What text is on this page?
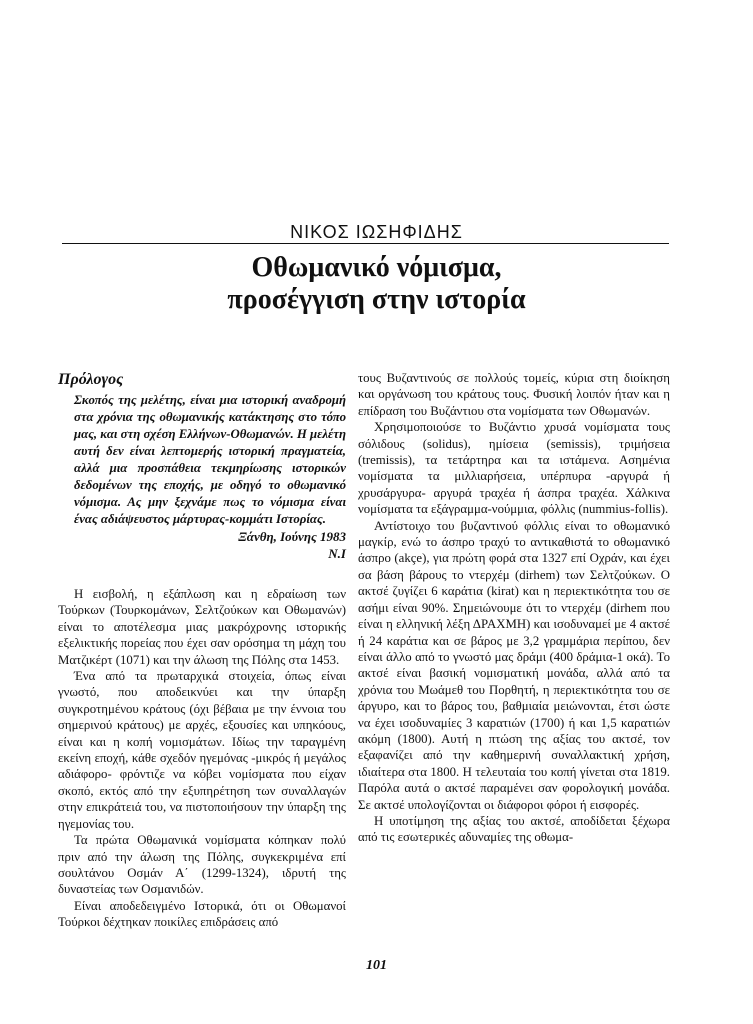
ΝΙΚΟΣ ΙΩΣΗΦΙΔΗΣ
Οθωμανικό νόμισμα,
προσέγγιση στην ιστορία
Πρόλογος

Σκοπός της μελέτης, είναι μια ιστορική αναδρομή στα χρόνια της οθωμανικής κατάκτησης στο τόπο μας, και στη σχέση Ελλήνων-Οθωμανών. Η μελέτη αυτή δεν είναι λεπτομερής ιστορική πραγματεία, αλλά μια προσπάθεια τεκμηρίωσης ιστορικών δεδομένων της εποχής, με οδηγό το οθωμανικό νόμισμα. Ας μην ξεχνάμε πως το νόμισμα είναι ένας αδιάψευστος μάρτυρας-κομμάτι Ιστορίας.

Ξάνθη, Ιούνης 1983

Ν.Ι

Η εισβολή, η εξάπλωση και η εδραίωση των Τούρκων (Τουρκομάνων, Σελτζούκων και Οθωμανών) είναι το αποτέλεσμα μιας μακρόχρονης ιστορικής εξελικτικής πορείας που έχει σαν ορόσημα τη μάχη του Ματζικέρτ (1071) και την άλωση της Πόλης στα 1453.

Ένα από τα πρωταρχικά στοιχεία, όπως είναι γνωστό, που αποδεικνύει και την ύπαρξη συγκροτημένου κράτους (όχι βέβαια με την έννοια του σημερινού κράτους) με αρχές, εξουσίες και υπηκόους, είναι και η κοπή νομισμάτων. Ιδίως την ταραγμένη εκείνη εποχή, κάθε σχεδόν ηγεμόνας -μικρός ή μεγάλος αδιάφορο- φρόντιζε να κόβει νομίσματα που είχαν σκοπό, εκτός από την εξυπηρέτηση των συναλλαγών στην επικράτειά του, να πιστοποιήσουν την ύπαρξη της ηγεμονίας του.

Τα πρώτα Οθωμανικά νομίσματα κόπηκαν πολύ πριν από την άλωση της Πόλης, συγκεκριμένα επί σουλτάνου Οσμάν Α΄ (1299-1324), ιδρυτή της δυναστείας των Οσμανιδών.

Είναι αποδεδειγμένο Ιστορικά, ότι οι Οθωμανοί Τούρκοι δέχτηκαν ποικίλες επιδράσεις από

τους Βυζαντινούς σε πολλούς τομείς, κύρια στη διοίκηση και οργάνωση του κράτους τους. Φυσική λοιπόν ήταν και η επίδραση του Βυζάντιου στα νομίσματα των Οθωμανών.

Χρησιμοποιούσε το Βυζάντιο χρυσά νομίσματα τους σόλιδους (solidus), ημίσεια (semissis), τριμήσεια (tremissis), τα τετάρτηρα και τα ιστάμενα. Ασημένια νομίσματα τα μιλλιαρήσεια, υπέρπυρα -αργυρά ή χρυσάργυρα- αργυρά τραχέα ή άσπρα τραχέα. Χάλκινα νομίσματα τα εξάγραμμα-νούμμια, φόλλις (nummius-follis).

Αντίστοιχο του βυζαντινού φόλλις είναι το οθωμανικό μαγκίρ, ενώ το άσπρο τραχύ το αντικαθιστά το οθωμανικό άσπρο (akçe), για πρώτη φορά στα 1327 επί Οχράν, και έχει σα βάση βάρους το ντερχέμ (dirhem) των Σελτζούκων. Ο ακτσέ ζυγίζει 6 καράτια (kirat) και η περιεκτικότητα του σε ασήμι είναι 90%. Σημειώνουμε ότι το ντερχέμ (dirhem που είναι η ελληνική λέξη ΔΡΑΧΜΗ) και ισοδυναμεί με 4 ακτσέ ή 24 καράτια και σε βάρος με 3,2 γραμμάρια περίπου, δεν είναι άλλο από το γνωστό μας δράμι (400 δράμια-1 οκά). Το ακτσέ είναι βασική νομισματική μονάδα, αλλά από τα χρόνια του Μωάμεθ του Πορθητή, η περιεκτικότητα του σε άργυρο, και το βάρος του, βαθμιαία μειώνονται, έτσι ώστε να έχει ισοδυναμίες 3 καρατιών (1700) ή και 1,5 καρατιών ακόμη (1800). Αυτή η πτώση της αξίας του ακτσέ, τον εξαφανίζει από την καθημερινή συναλλακτική χρήση, ιδιαίτερα στα 1800. Η τελευταία του κοπή γίνεται στα 1819. Παρόλα αυτά ο ακτσέ παραμένει σαν φορολογική μονάδα. Σε ακτσέ υπολογίζονται οι διάφοροι φόροι ή εισφορές.

Η υποτίμηση της αξίας του ακτσέ, αποδίδεται ξέχωρα από τις εσωτερικές αδυναμίες της οθωμα-

101
